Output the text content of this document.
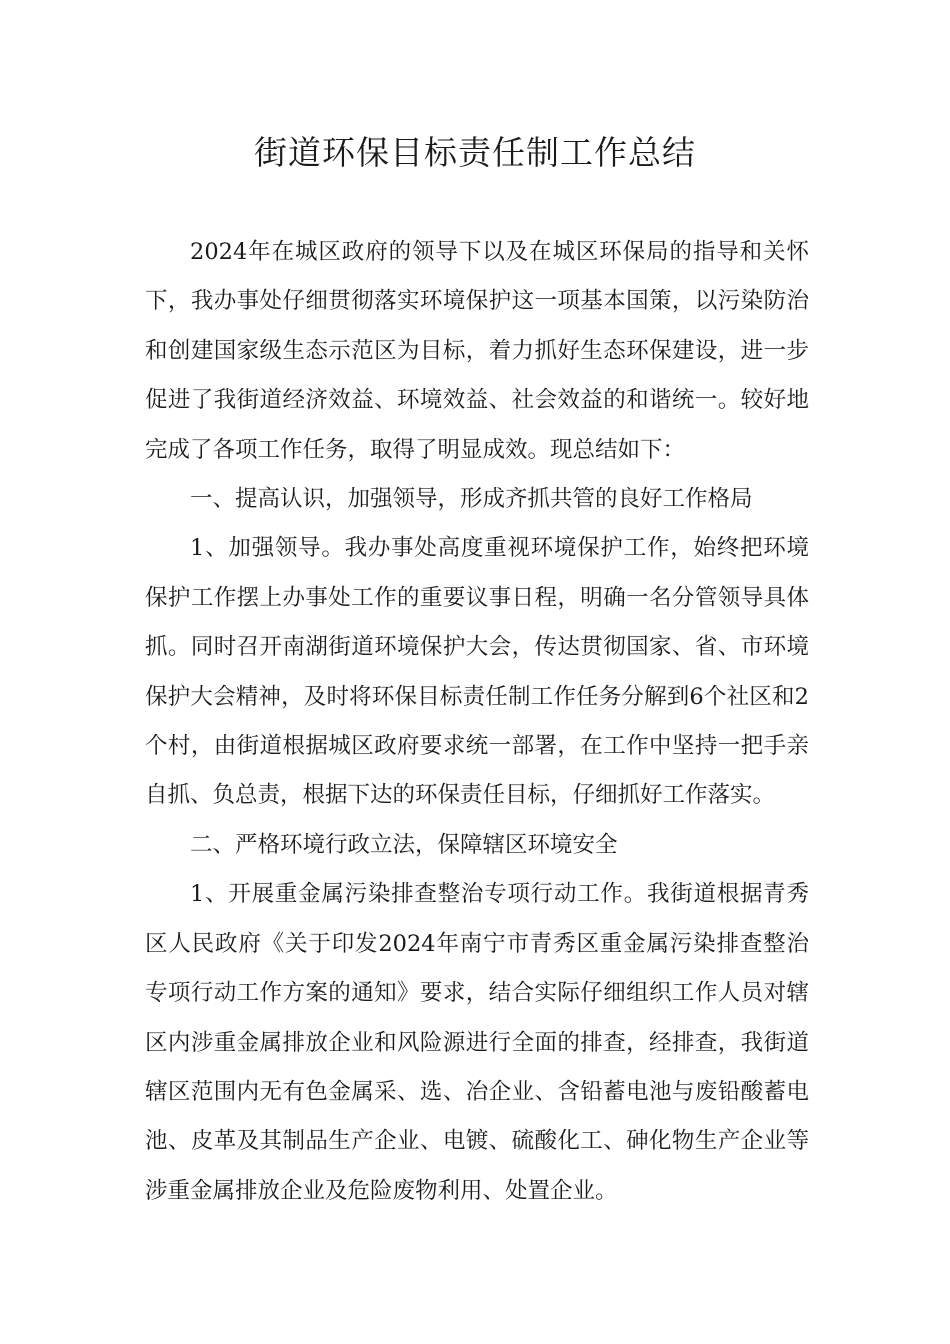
街道环保目标责任制工作总结

2024年在城区政府的领导下以及在城区环保局的指导和关怀下，我办事处仔细贯彻落实环境保护这一项基本国策，以污染防治和创建国家级生态示范区为目标，着力抓好生态环保建设，进一步促进了我街道经济效益、环境效益、社会效益的和谐统一。较好地完成了各项工作任务，取得了明显成效。现总结如下：

一、提高认识，加强领导，形成齐抓共管的良好工作格局

1、加强领导。我办事处高度重视环境保护工作，始终把环境保护工作摆上办事处工作的重要议事日程，明确一名分管领导具体抓。同时召开南湖街道环境保护大会，传达贯彻国家、省、市环境保护大会精神，及时将环保目标责任制工作任务分解到6个社区和2个村，由街道根据城区政府要求统一部署，在工作中坚持一把手亲自抓、负总责，根据下达的环保责任目标，仔细抓好工作落实。

二、严格环境行政立法，保障辖区环境安全

1、开展重金属污染排查整治专项行动工作。我街道根据青秀区人民政府《关于印发2024年南宁市青秀区重金属污染排查整治专项行动工作方案的通知》要求，结合实际仔细组织工作人员对辖区内涉重金属排放企业和风险源进行全面的排查，经排查，我街道辖区范围内无有色金属采、选、冶企业、含铅蓄电池与废铅酸蓄电池、皮革及其制品生产企业、电镀、硫酸化工、砷化物生产企业等涉重金属排放企业及危险废物利用、处置企业。
